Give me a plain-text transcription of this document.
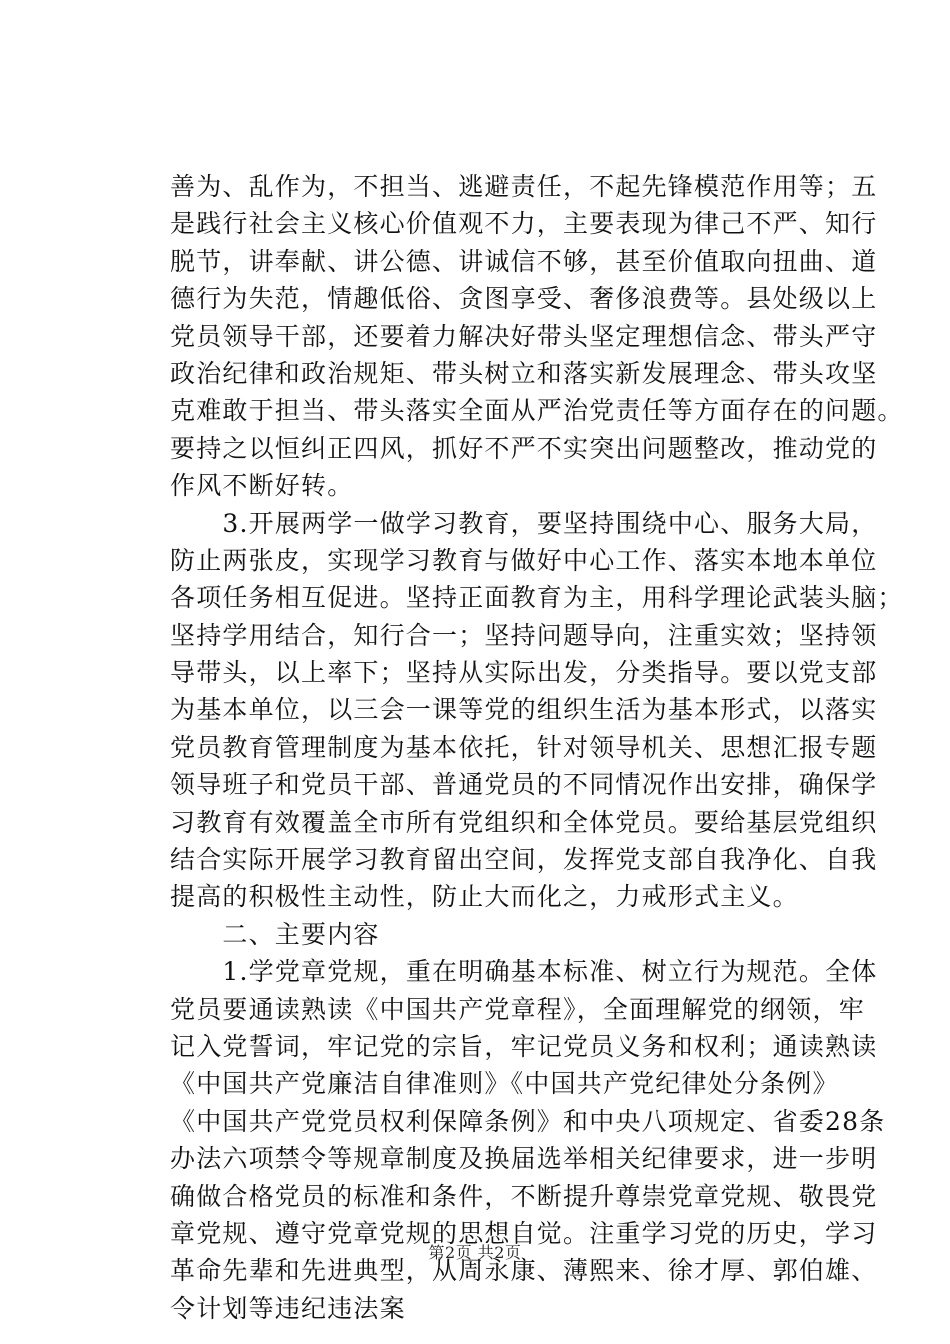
善为、乱作为，不担当、逃避责任，不起先锋模范作用等；五
是践行社会主义核心价值观不力，主要表现为律己不严、知行
脱节，讲奉献、讲公德、讲诚信不够，甚至价值取向扭曲、道
德行为失范，情趣低俗、贪图享受、奢侈浪费等。县处级以上
党员领导干部，还要着力解决好带头坚定理想信念、带头严守
政治纪律和政治规矩、带头树立和落实新发展理念、带头攻坚
克难敢于担当、带头落实全面从严治党责任等方面存在的问题。
要持之以恒纠正四风，抓好不严不实突出问题整改，推动党的
作风不断好转。
　　3.开展两学一做学习教育，要坚持围绕中心、服务大局，
防止两张皮，实现学习教育与做好中心工作、落实本地本单位
各项任务相互促进。坚持正面教育为主，用科学理论武装头脑；
坚持学用结合，知行合一；坚持问题导向，注重实效；坚持领
导带头，以上率下；坚持从实际出发，分类指导。要以党支部
为基本单位，以三会一课等党的组织生活为基本形式，以落实
党员教育管理制度为基本依托，针对领导机关、思想汇报专题
领导班子和党员干部、普通党员的不同情况作出安排，确保学
习教育有效覆盖全市所有党组织和全体党员。要给基层党组织
结合实际开展学习教育留出空间，发挥党支部自我净化、自我
提高的积极性主动性，防止大而化之，力戒形式主义。
　　二、主要内容
　　1.学党章党规，重在明确基本标准、树立行为规范。全体
党员要通读熟读《中国共产党章程》，全面理解党的纲领，牢
记入党誓词，牢记党的宗旨，牢记党员义务和权利；通读熟读
《中国共产党廉洁自律准则》《中国共产党纪律处分条例》
《中国共产党党员权利保障条例》和中央八项规定、省委28条
办法六项禁令等规章制度及换届选举相关纪律要求，进一步明
确做合格党员的标准和条件，不断提升尊崇党章党规、敬畏党
章党规、遵守党章党规的思想自觉。注重学习党的历史，学习
革命先辈和先进典型，从周永康、薄熙来、徐才厚、郭伯雄、
令计划等违纪违法案
第2页 共2页
